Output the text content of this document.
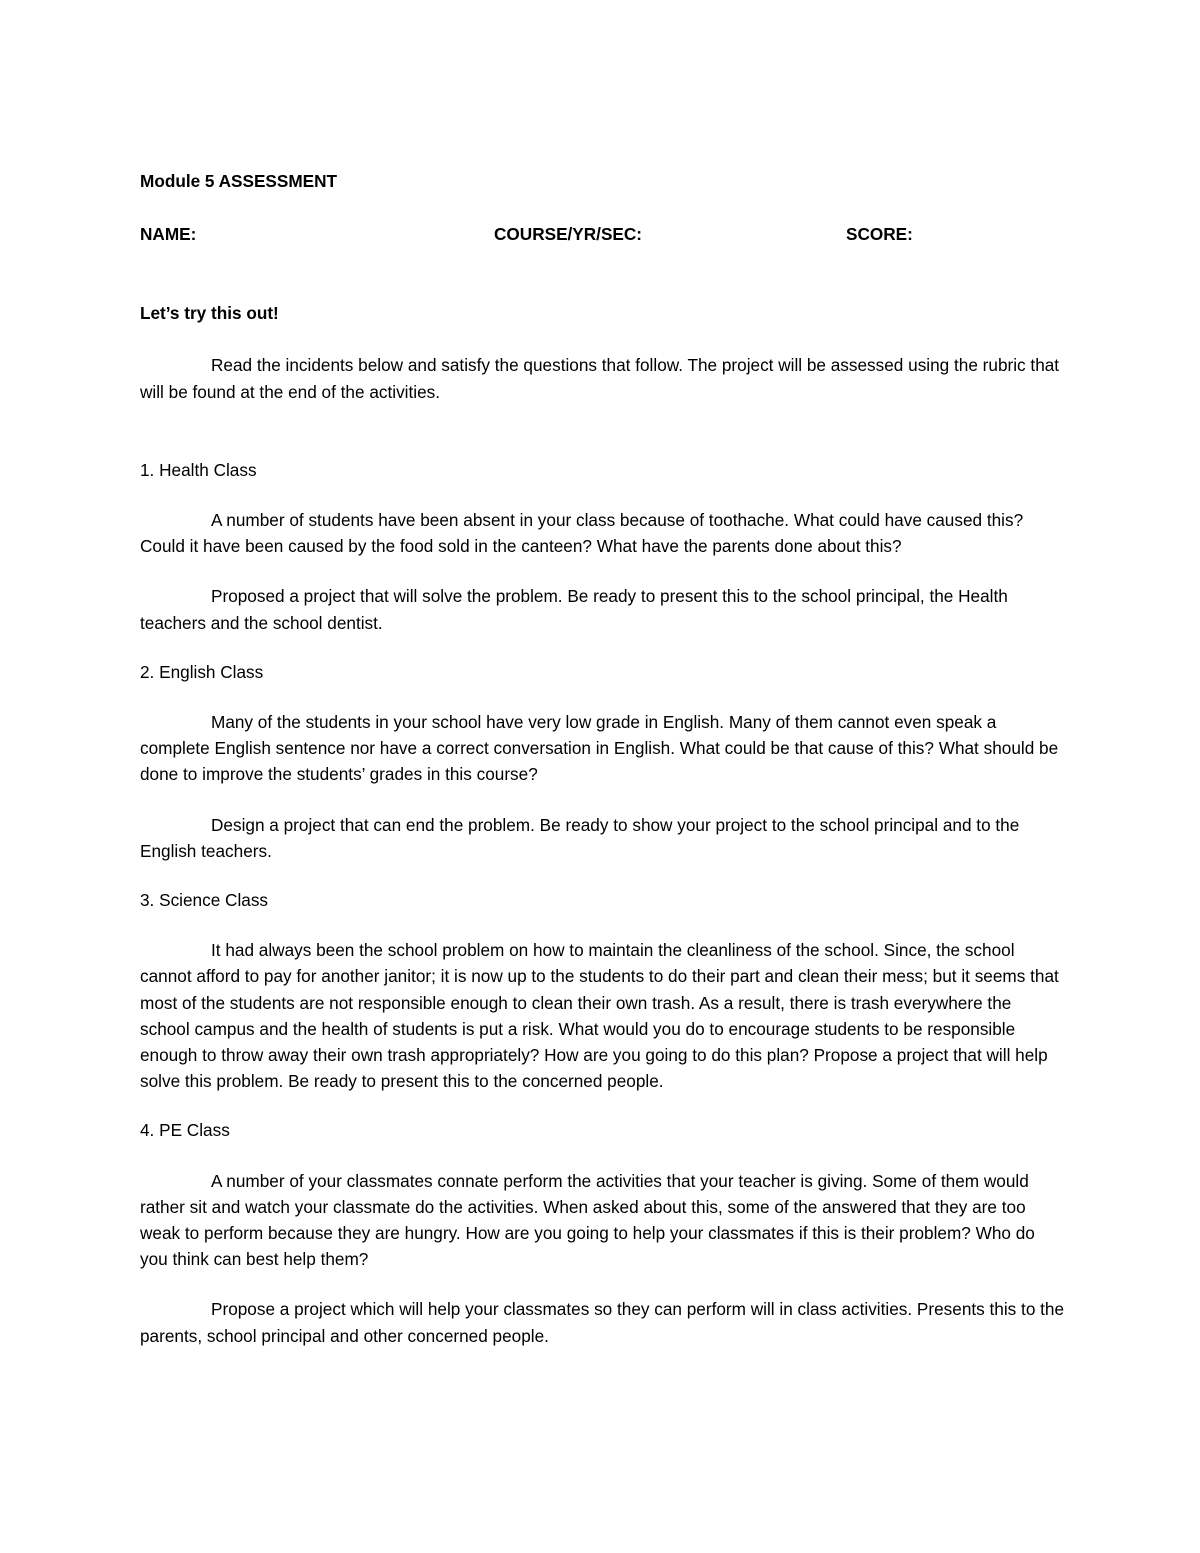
Module 5 ASSESSMENT

NAME:	COURSE/YR/SEC:	SCORE:

Let’s try this out!

Read the incidents below and satisfy the questions that follow. The project will be assessed using the rubric that will be found at the end of the activities.

1. Health Class

A number of students have been absent in your class because of toothache. What could have caused this? Could it have been caused by the food sold in the canteen? What have the parents done about this?

Proposed a project that will solve the problem. Be ready to present this to the school principal, the Health teachers and the school dentist.

2. English Class

Many of the students in your school have very low grade in English. Many of them cannot even speak a complete English sentence nor have a correct conversation in English. What could be that cause of this? What should be done to improve the students’ grades in this course?

Design a project that can end the problem. Be ready to show your project to the school principal and to the English teachers.

3. Science Class

It had always been the school problem on how to maintain the cleanliness of the school. Since, the school cannot afford to pay for another janitor; it is now up to the students to do their part and clean their mess; but it seems that most of the students are not responsible enough to clean their own trash. As a result, there is trash everywhere the school campus and the health of students is put a risk. What would you do to encourage students to be responsible enough to throw away their own trash appropriately? How are you going to do this plan? Propose a project that will help solve this problem. Be ready to present this to the concerned people.

4. PE Class

A number of your classmates connate perform the activities that your teacher is giving. Some of them would rather sit and watch your classmate do the activities. When asked about this, some of the answered that they are too weak to perform because they are hungry. How are you going to help your classmates if this is their problem? Who do you think can best help them?

Propose a project which will help your classmates so they can perform will in class activities. Presents this to the parents, school principal and other concerned people.
